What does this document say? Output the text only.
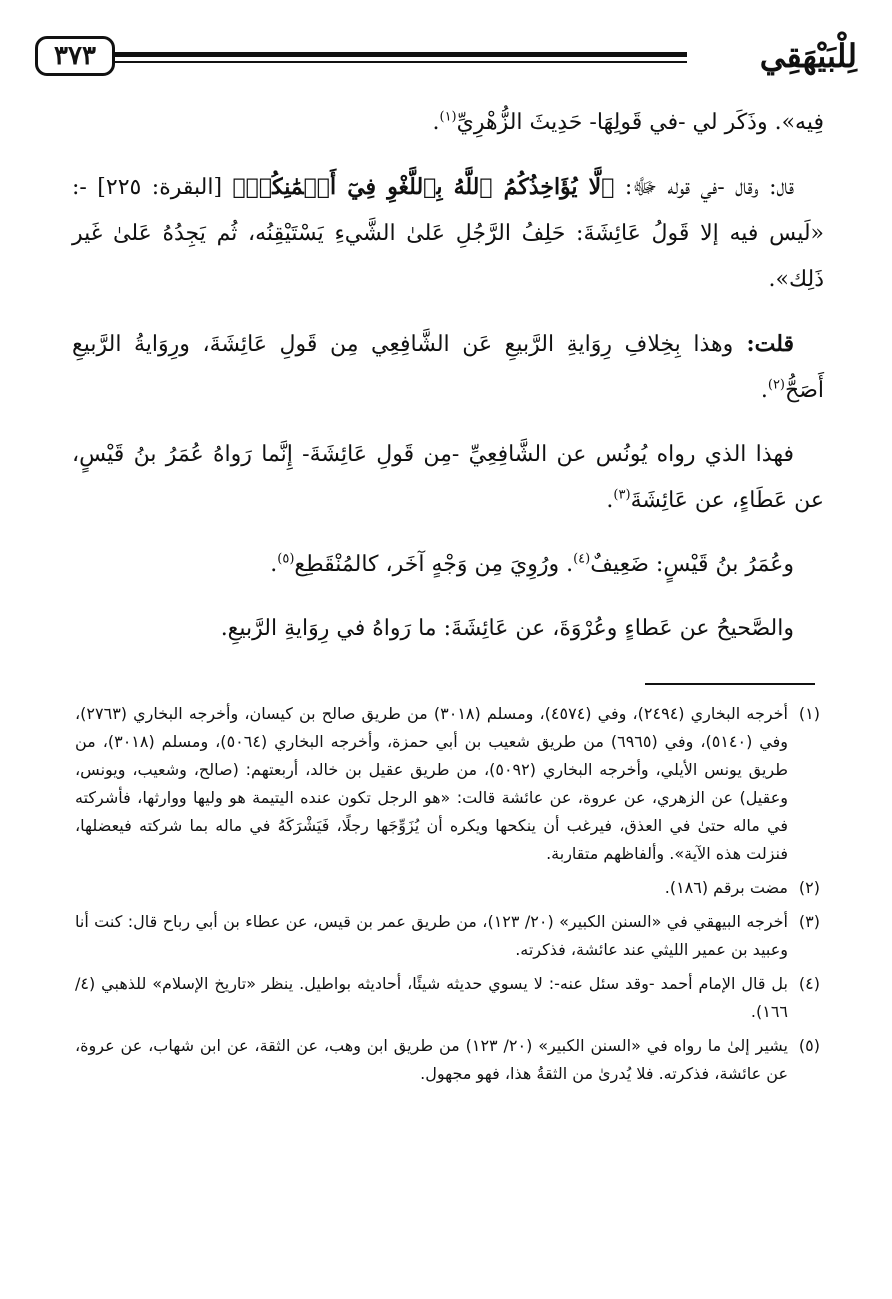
لِلْبَيْهَقِي
٣٧٣

فِيه». وذَكَر لي -في قَولِهَا- حَدِيثَ الزُّهْرِيِّ$^{(١)}$.

قال: وقال -في قوله ﷻ: ﴿لَّا يُؤَاخِذُكُمُ ٱللَّهُ بِٱللَّغْوِ فِيٓ أَيۡمَٰنِكُمۡ﴾ [البقرة: ٢٢٥] -: «لَيس فيه إلا قَولُ عَائِشَةَ: حَلِفُ الرَّجُلِ عَلىٰ الشَّيءِ يَسْتَيْقِنُه، ثُم يَجِدُهُ عَلىٰ غَير ذَلِك».

قلت: وهذا بِخِلافِ رِوَايةِ الرَّبيعِ عَن الشَّافِعِي مِن قَولِ عَائِشَةَ، ورِوَايةُ الرَّبيعِ أَصَحُّ$^{(٢)}$.

فهذا الذي رواه يُونُس عن الشَّافِعِيِّ -مِن قَولِ عَائِشَةَ- إِنَّما رَواهُ عُمَرُ بنُ قَيْسٍ، عن عَطَاءٍ، عن عَائِشَةَ$^{(٣)}$.

وعُمَرُ بنُ قَيْسٍ: ضَعِيفٌ$^{(٤)}$. ورُوِيَ مِن وَجْهٍ آخَر، كالمُنْقَطِع$^{(٥)}$.

والصَّحيحُ عن عَطاءٍ وعُرْوَةَ، عن عَائِشَةَ: ما رَواهُ في رِوَايةِ الرَّبيعِ.

(١)
أخرجه البخاري (٢٤٩٤)، وفي (٤٥٧٤)، ومسلم (٣٠١٨) من طريق صالح بن كيسان، وأخرجه البخاري (٢٧٦٣)، وفي (٥١٤٠)، وفي (٦٩٦٥) من طريق شعيب بن أبي حمزة، وأخرجه البخاري (٥٠٦٤)، ومسلم (٣٠١٨)، من طريق يونس الأيلي، وأخرجه البخاري (٥٠٩٢)، من طريق عقيل بن خالد، أربعتهم: (صالح، وشعيب، ويونس، وعقيل) عن الزهري، عن عروة، عن عائشة قالت: «هو الرجل تكون عنده اليتيمة هو وليها ووارثها، فأشركته في ماله حتىٰ في العذق، فيرغب أن ينكحها ويكره أن يُزَوِّجَها رجلًا، فَيَشْرَكَهُ في ماله بما شركته فيعضلها، فنزلت هذه الآية». وألفاظهم متقاربة.
(٢)
مضت برقم (١٨٦).
(٣)
أخرجه البيهقي في «السنن الكبير» (٢٠/ ١٢٣)، من طريق عمر بن قيس، عن عطاء بن أبي رباح قال: كنت أنا وعبيد بن عمير الليثي عند عائشة، فذكرته.
(٤)
بل قال الإمام أحمد -وقد سئل عنه-: لا يسوي حديثه شيئًا، أحاديثه بواطيل. ينظر «تاريخ الإسلام» للذهبي (٤/ ١٦٦).
(٥)
يشير إلىٰ ما رواه في «السنن الكبير» (٢٠/ ١٢٣) من طريق ابن وهب، عن الثقة، عن ابن شهاب، عن عروة، عن عائشة، فذكرته. فلا يُدرىٰ من الثقةُ هذا، فهو مجهول.
